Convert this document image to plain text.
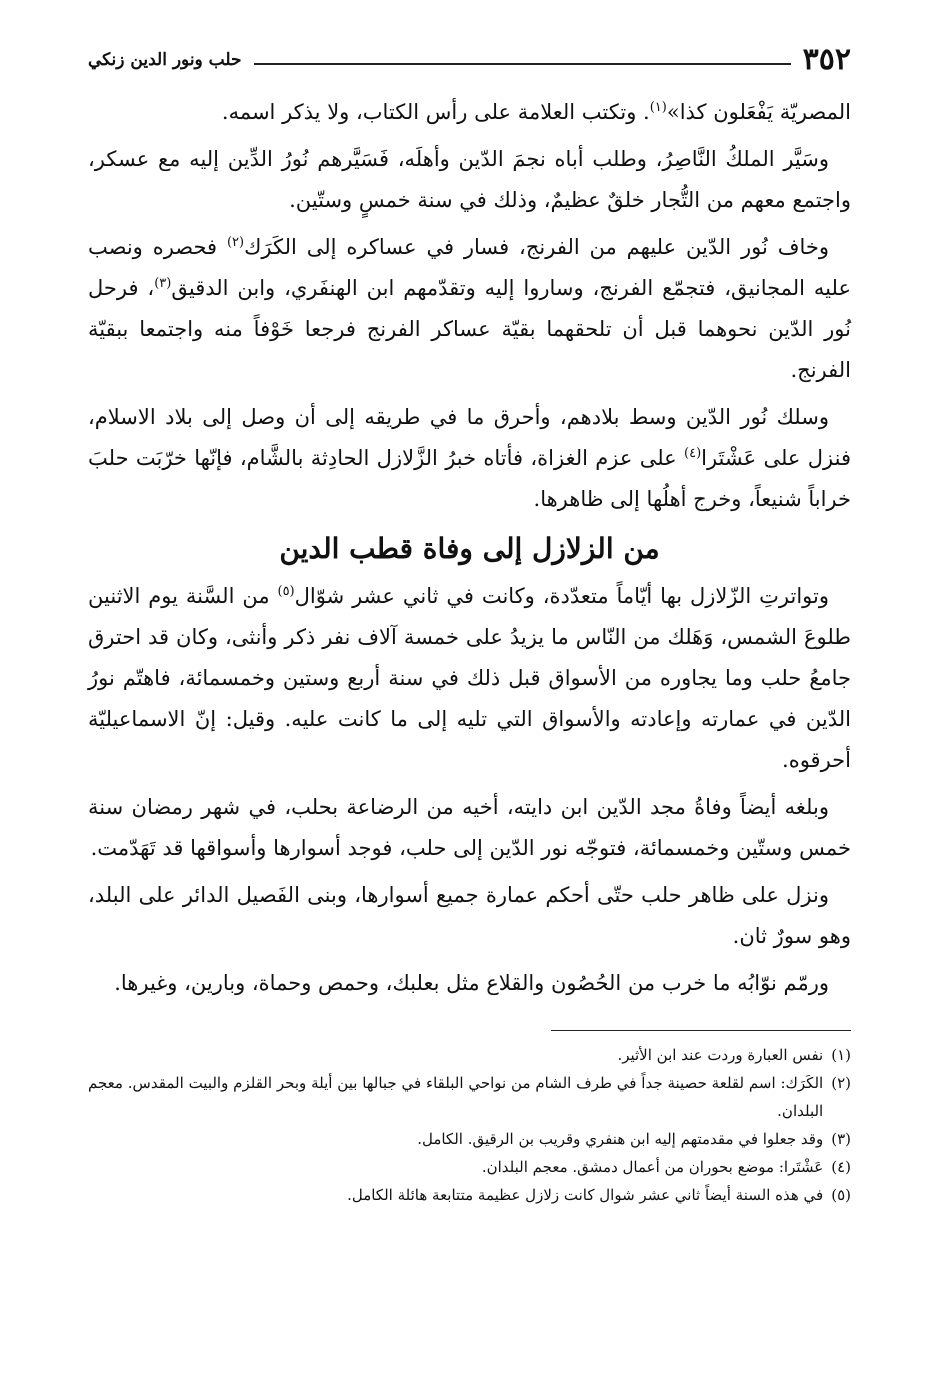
٣٥٢
حلب ونور الدين زنكي

المصريّة يَفْعَلون كذا»$^{(١)}$. وتكتب العلامة على رأس الكتاب، ولا يذكر اسمه.

وسَيَّر الملكُ النَّاصِرُ، وطلب أباه نجمَ الدّين وأهلَه، فَسَيَّرهم نُورُ الدِّين إليه مع عسكر، واجتمع معهم من التُّجار خلقٌ عظيمٌ، وذلك في سنة خمسٍ وستّين.

وخاف نُور الدّين عليهم من الفرنج، فسار في عساكره إلى الكَرَك$^{(٢)}$ فحصره ونصب عليه المجانيق، فتجمّع الفرنج، وساروا إليه وتقدّمهم ابن الهنفَري، وابن الدقيق$^{(٣)}$، فرحل نُور الدّين نحوهما قبل أن تلحقهما بقيّة عساكر الفرنج فرجعا خَوْفاً منه واجتمعا ببقيّة الفرنج.

وسلك نُور الدّين وسط بلادهم، وأحرق ما في طريقه إلى أن وصل إلى بلاد الاسلام، فنزل على عَشْتَرا$^{(٤)}$ على عزم الغزاة، فأتاه خبرُ الزَّلازل الحادِثة بالشَّام، فإنّها خرّبَت حلبَ خراباً شنيعاً، وخرج أهلُها إلى ظاهرها.

من الزلازل إلى وفاة قطب الدين

وتواترتِ الزّلازل بها أيّاماً متعدّدة، وكانت في ثاني عشر شوّال$^{(٥)}$ من السَّنة يوم الاثنين طلوعَ الشمس، وَهَلك من النّاس ما يزيدُ على خمسة آلاف نفر ذكر وأنثى، وكان قد احترق جامعُ حلب وما يجاوره من الأسواق قبل ذلك في سنة أربع وستين وخمسمائة، فاهتّم نورُ الدّين في عمارته وإعادته والأسواق التي تليه إلى ما كانت عليه. وقيل: إنّ الاسماعيليّة أحرقوه.

وبلغه أيضاً وفاةُ مجد الدّين ابن دايته، أخيه من الرضاعة بحلب، في شهر رمضان سنة خمس وستّين وخمسمائة، فتوجّه نور الدّين إلى حلب، فوجد أسوارها وأسواقها قد تَهَدّمت.

ونزل على ظاهر حلب حتّى أحكم عمارة جميع أسوارها، وبنى الفَصيل الدائر على البلد، وهو سورٌ ثان.

ورمّم نوّابُه ما خرب من الحُصُون والقلاع مثل بعلبك، وحمص وحماة، وبارين، وغيرها.

(١)
نفس العبارة وردت عند ابن الأثير.
(٢)
الكَرَك: اسم لقلعة حصينة جداً في طرف الشام من نواحي البلقاء في جبالها بين أيلة وبحر القلزم والبيت المقدس. معجم البلدان.
(٣)
وقد جعلوا في مقدمتهم إليه ابن هنفري وقريب بن الرقيق. الكامل.
(٤)
عَشْتَرا: موضع بحوران من أعمال دمشق. معجم البلدان.
(٥)
في هذه السنة أيضاً ثاني عشر شوال كانت زلازل عظيمة متتابعة هائلة الكامل.
